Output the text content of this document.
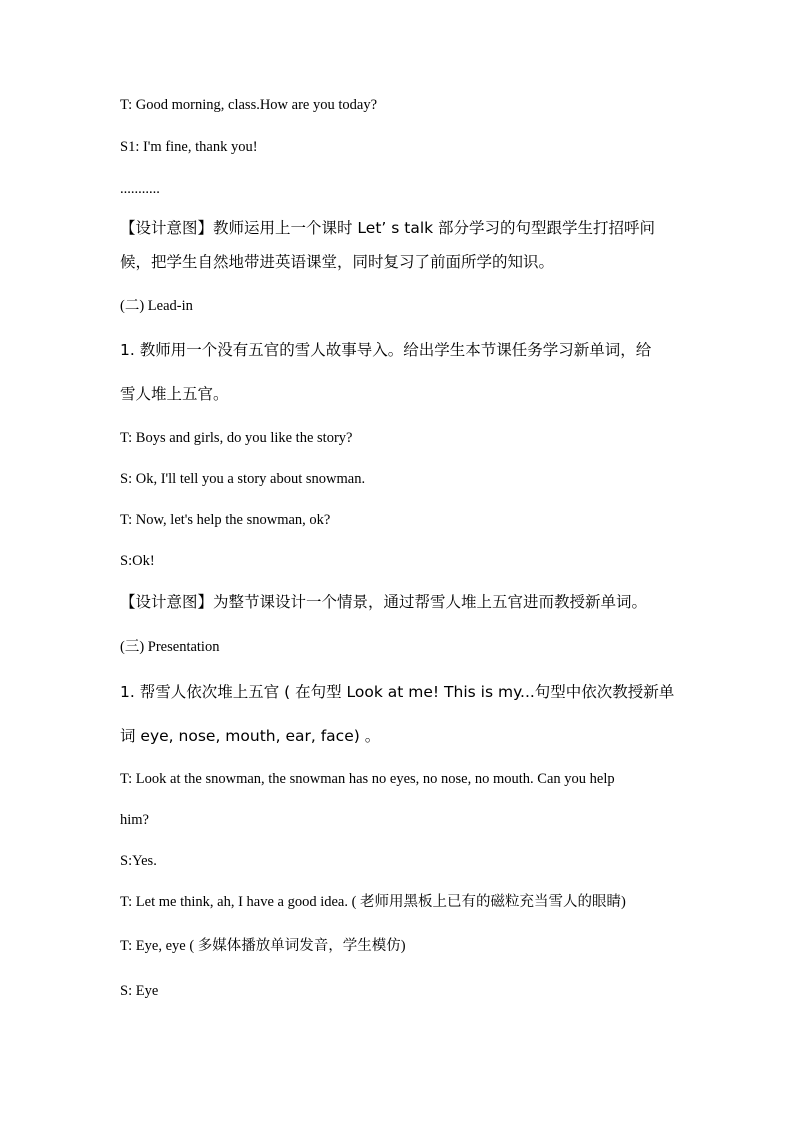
T: Good morning, class.How are you today?
S1: I'm fine, thank you!
...........
【设计意图】教师运用上一个课时 Let’ s talk 部分学习的句型跟学生打招呼问
候，把学生自然地带进英语课堂，同时复习了前面所学的知识。
(二) Lead-in
1. 教师用一个没有五官的雪人故事导入。给出学生本节课任务学习新单词，给
雪人堆上五官。
T: Boys and girls, do you like the story?
S: Ok, I'll tell you a story about snowman.
T: Now, let's help the snowman, ok?
S:Ok!
【设计意图】为整节课设计一个情景，通过帮雪人堆上五官进而教授新单词。
(三) Presentation
1. 帮雪人依次堆上五官 ( 在句型 Look at me! This is my...句型中依次教授新单
词 eye, nose, mouth, ear, face) 。
T: Look at the snowman, the snowman has no eyes, no nose, no mouth. Can you help
him?
S:Yes.
T: Let me think, ah, I have a good idea. ( 老师用黑板上已有的磁粒充当雪人的眼睛)
T: Eye, eye ( 多媒体播放单词发音，学生模仿)
S: Eye
